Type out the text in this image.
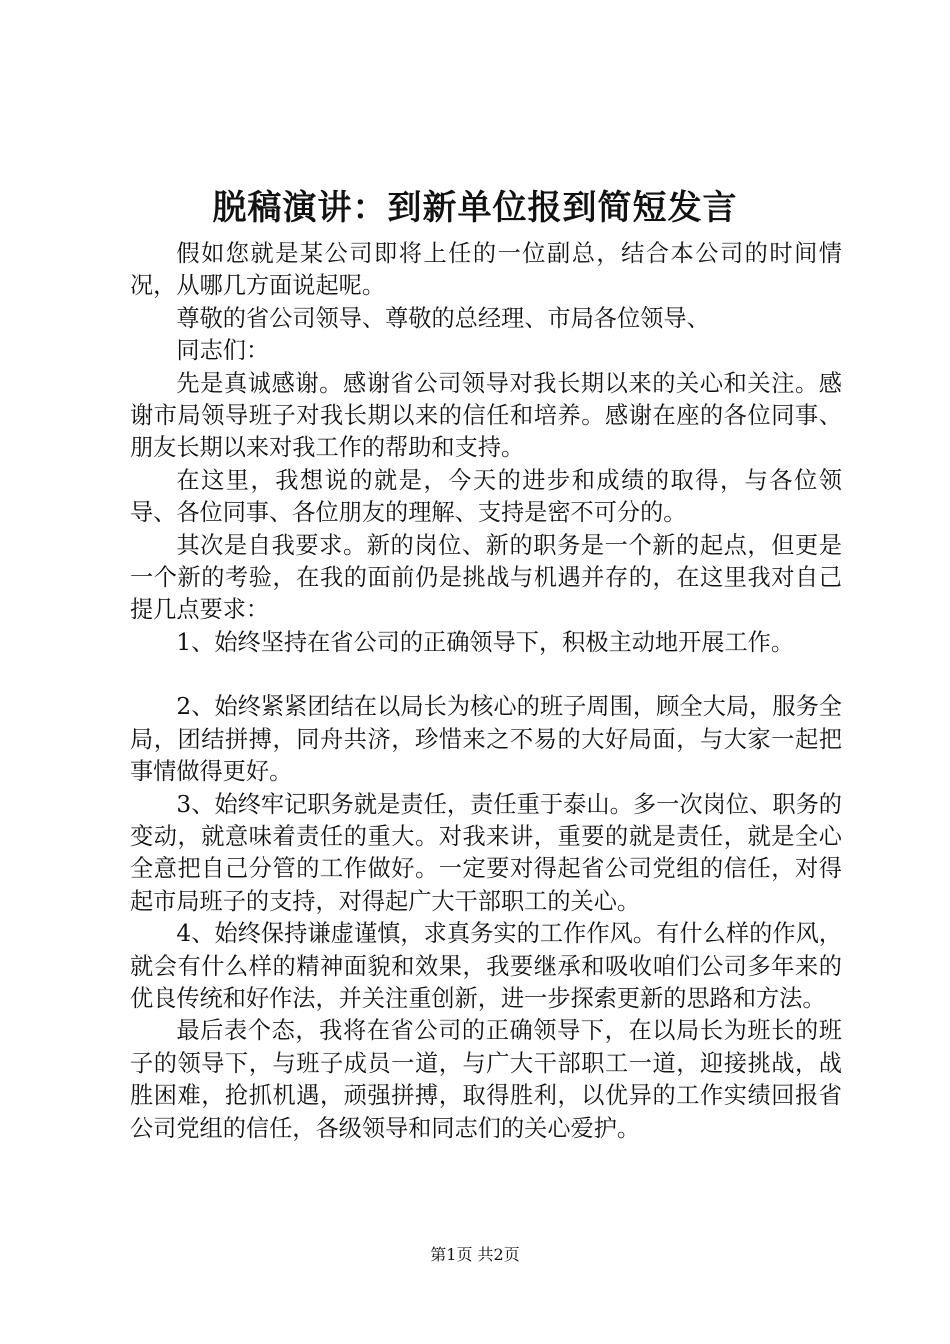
脱稿演讲：到新单位报到简短发言

假如您就是某公司即将上任的一位副总，结合本公司的时间情况，从哪几方面说起呢。

尊敬的省公司领导、尊敬的总经理、市局各位领导、

同志们：

先是真诚感谢。感谢省公司领导对我长期以来的关心和关注。感谢市局领导班子对我长期以来的信任和培养。感谢在座的各位同事、朋友长期以来对我工作的帮助和支持。

在这里，我想说的就是，今天的进步和成绩的取得，与各位领导、各位同事、各位朋友的理解、支持是密不可分的。

其次是自我要求。新的岗位、新的职务是一个新的起点，但更是一个新的考验，在我的面前仍是挑战与机遇并存的，在这里我对自己提几点要求：

1、始终坚持在省公司的正确领导下，积极主动地开展工作。

2、始终紧紧团结在以局长为核心的班子周围，顾全大局，服务全局，团结拼搏，同舟共济，珍惜来之不易的大好局面，与大家一起把事情做得更好。

3、始终牢记职务就是责任，责任重于泰山。多一次岗位、职务的变动，就意味着责任的重大。对我来讲，重要的就是责任，就是全心全意把自己分管的工作做好。一定要对得起省公司党组的信任，对得起市局班子的支持，对得起广大干部职工的关心。

4、始终保持谦虚谨慎，求真务实的工作作风。有什么样的作风，就会有什么样的精神面貌和效果，我要继承和吸收咱们公司多年来的优良传统和好作法，并关注重创新，进一步探索更新的思路和方法。

最后表个态，我将在省公司的正确领导下，在以局长为班长的班子的领导下，与班子成员一道，与广大干部职工一道，迎接挑战，战胜困难，抢抓机遇，顽强拼搏，取得胜利，以优异的工作实绩回报省公司党组的信任，各级领导和同志们的关心爱护。

第1页 共2页
